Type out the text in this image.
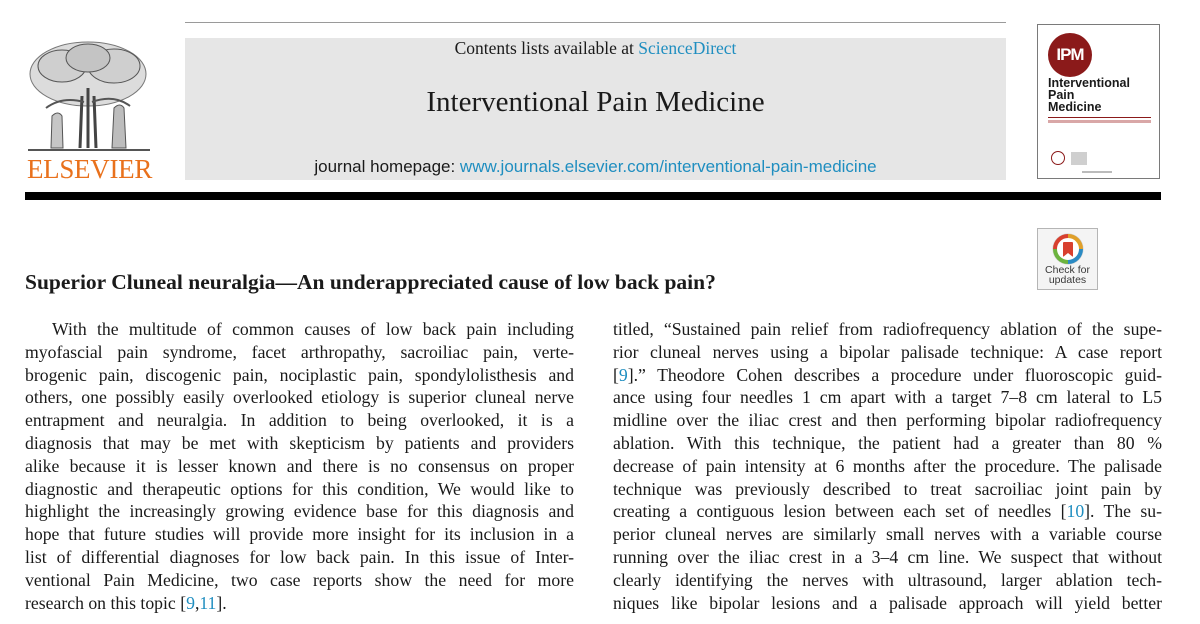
ELSEVIER
Contents lists available at ScienceDirect
Interventional Pain Medicine
journal homepage: www.journals.elsevier.com/interventional-pain-medicine
IPM
Interventional
Pain
Medicine
Check for
updates
Superior Cluneal neuralgia—An underappreciated cause of low back pain?
With the multitude of common causes of low back pain including
myofascial pain syndrome, facet arthropathy, sacroiliac pain, verte-
brogenic pain, discogenic pain, nociplastic pain, spondylolisthesis and
others, one possibly easily overlooked etiology is superior cluneal nerve
entrapment and neuralgia. In addition to being overlooked, it is a
diagnosis that may be met with skepticism by patients and providers
alike because it is lesser known and there is no consensus on proper
diagnostic and therapeutic options for this condition, We would like to
highlight the increasingly growing evidence base for this diagnosis and
hope that future studies will provide more insight for its inclusion in a
list of differential diagnoses for low back pain. In this issue of Inter-
ventional Pain Medicine, two case reports show the need for more
research on this topic [9,11].
titled, “Sustained pain relief from radiofrequency ablation of the supe-
rior cluneal nerves using a bipolar palisade technique: A case report
[9].” Theodore Cohen describes a procedure under fluoroscopic guid-
ance using four needles 1 cm apart with a target 7–8 cm lateral to L5
midline over the iliac crest and then performing bipolar radiofrequency
ablation. With this technique, the patient had a greater than 80 %
decrease of pain intensity at 6 months after the procedure. The palisade
technique was previously described to treat sacroiliac joint pain by
creating a contiguous lesion between each set of needles [10]. The su-
perior cluneal nerves are similarly small nerves with a variable course
running over the iliac crest in a 3–4 cm line. We suspect that without
clearly identifying the nerves with ultrasound, larger ablation tech-
niques like bipolar lesions and a palisade approach will yield better
